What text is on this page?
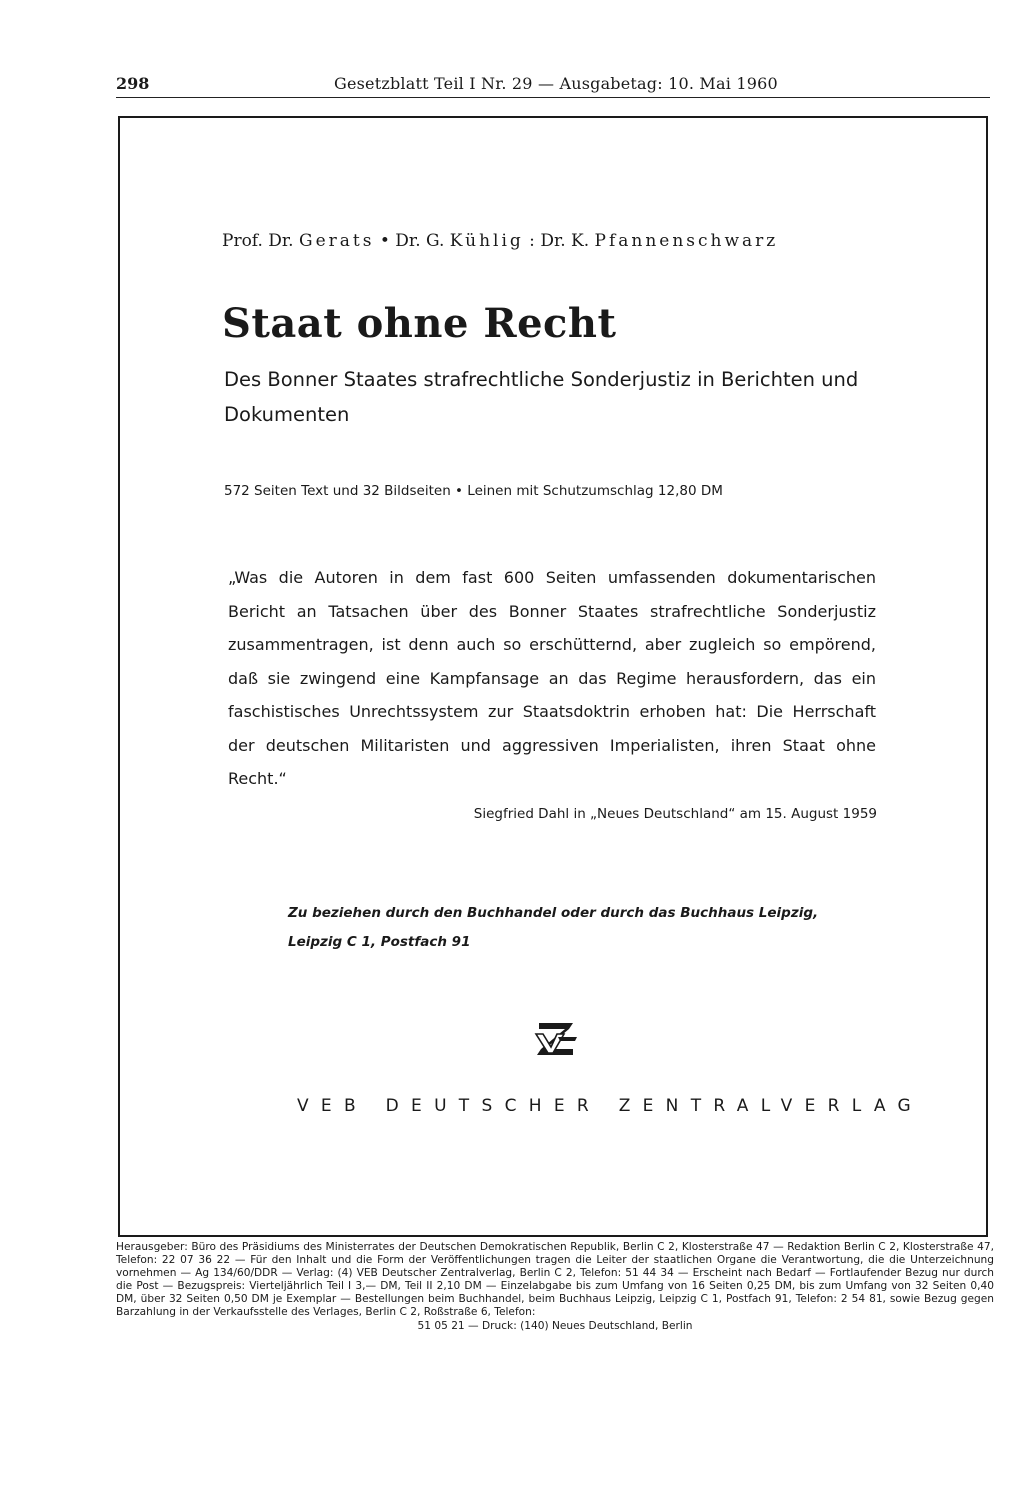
298	Gesetzblatt Teil I Nr. 29 — Ausgabetag: 10. Mai 1960
Prof. Dr. Gerats • Dr. G. Kühlig : Dr. K. Pfannenschwarz
Staat ohne Recht
Des Bonner Staates strafrechtliche Sonderjustiz in Berichten und Dokumenten
572 Seiten Text und 32 Bildseiten • Leinen mit Schutzumschlag 12,80 DM
„Was die Autoren in dem fast 600 Seiten umfassenden dokumentarischen Bericht an Tatsachen über des Bonner Staates strafrechtliche Sonderjustiz zusammentragen, ist denn auch so erschütternd, aber zugleich so empörend, daß sie zwingend eine Kampfansage an das Regime herausfordern, das ein faschistisches Unrechtssystem zur Staatsdoktrin erhoben hat: Die Herrschaft der deutschen Militaristen und aggressiven Imperialisten, ihren Staat ohne Recht.“
Siegfried Dahl in „Neues Deutschland“ am 15. August 1959
Zu beziehen durch den Buchhandel oder durch das Buchhaus Leipzig,
Leipzig C 1, Postfach 91
VEB DEUTSCHER ZENTRALVERLAG
Herausgeber: Büro des Präsidiums des Ministerrates der Deutschen Demokratischen Republik, Berlin C 2, Klosterstraße 47 — Redaktion Berlin C 2, Klosterstraße 47, Telefon: 22 07 36 22 — Für den Inhalt und die Form der Veröffentlichungen tragen die Leiter der staatlichen Organe die Verantwortung, die die Unterzeichnung vornehmen — Ag 134/60/DDR — Verlag: (4) VEB Deutscher Zentralverlag, Berlin C 2, Telefon: 51 44 34 — Erscheint nach Bedarf — Fortlaufender Bezug nur durch die Post — Bezugspreis: Vierteljährlich Teil I 3,— DM, Teil II 2,10 DM — Einzelabgabe bis zum Umfang von 16 Seiten 0,25 DM, bis zum Umfang von 32 Seiten 0,40 DM, über 32 Seiten 0,50 DM je Exemplar — Bestellungen beim Buchhandel, beim Buchhaus Leipzig, Leipzig C 1, Postfach 91, Telefon: 2 54 81, sowie Bezug gegen Barzahlung in der Verkaufsstelle des Verlages, Berlin C 2, Roßstraße 6, Telefon:
51 05 21 — Druck: (140) Neues Deutschland, Berlin
